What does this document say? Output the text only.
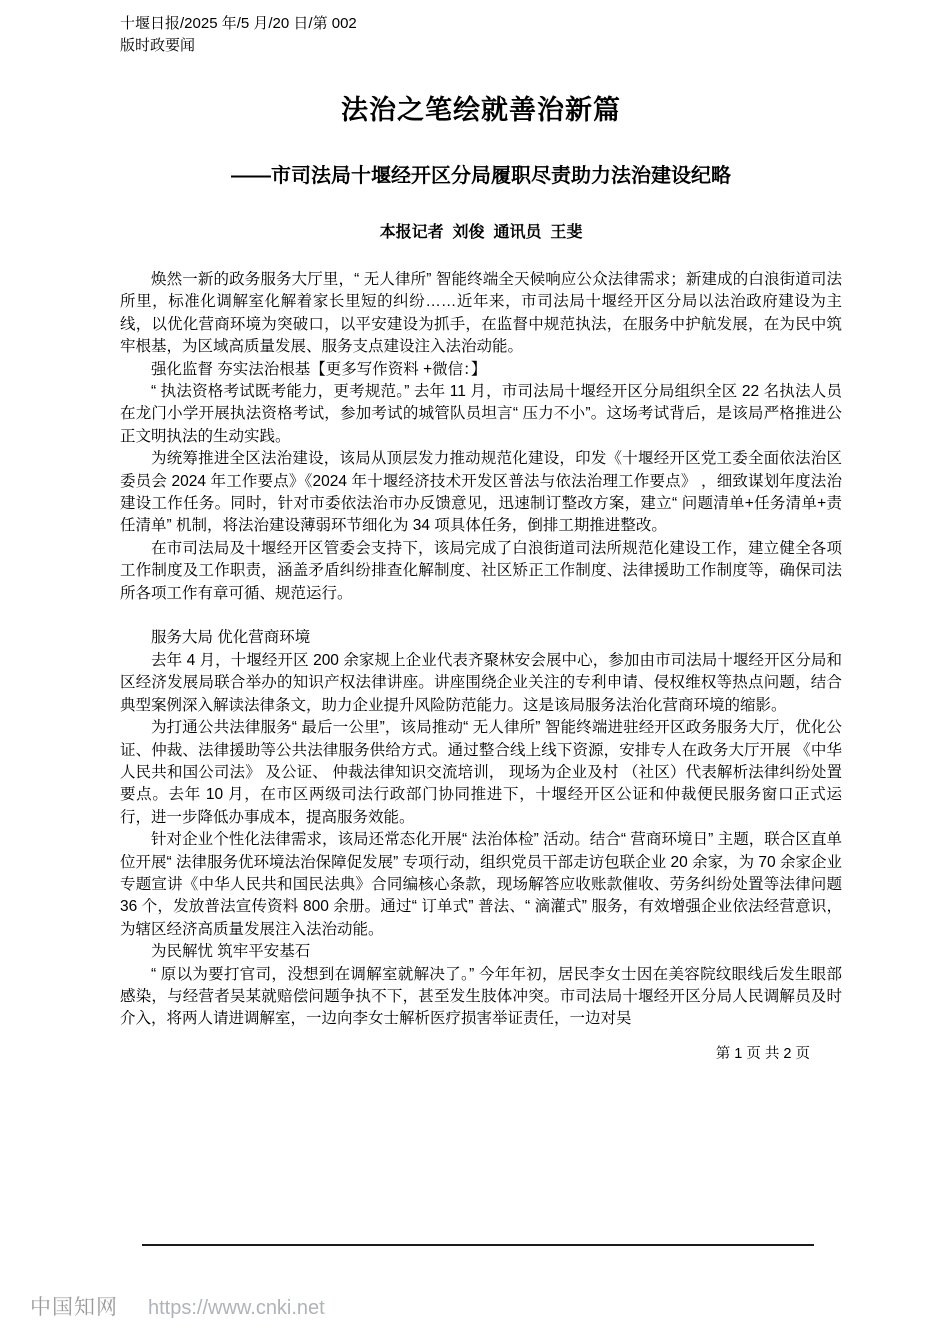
十堰日报/2025 年/5 月/20 日/第 002
版时政要闻
法治之笔绘就善治新篇
——市司法局十堰经开区分局履职尽责助力法治建设纪略
本报记者  刘俊  通讯员  王斐

焕然一新的政务服务大厅里，“ 无人律所” 智能终端全天候响应公众法律需求；新建成的白浪街道司法所里，标准化调解室化解着家长里短的纠纷……近年来，市司法局十堰经开区分局以法治政府建设为主线，以优化营商环境为突破口，以平安建设为抓手，在监督中规范执法，在服务中护航发展，在为民中筑牢根基，为区域高质量发展、服务支点建设注入法治动能。

强化监督 夯实法治根基【更多写作资料 +微信：】

“ 执法资格考试既考能力，更考规范。” 去年 11 月，市司法局十堰经开区分局组织全区 22 名执法人员在龙门小学开展执法资格考试，参加考试的城管队员坦言“ 压力不小”。这场考试背后，是该局严格推进公正文明执法的生动实践。

为统筹推进全区法治建设，该局从顶层发力推动规范化建设，印发《十堰经开区党工委全面依法治区委员会 2024 年工作要点》《2024 年十堰经济技术开发区普法与依法治理工作要点》 ，细致谋划年度法治建设工作任务。同时，针对市委依法治市办反馈意见，迅速制订整改方案，建立“ 问题清单+任务清单+责任清单” 机制，将法治建设薄弱环节细化为 34 项具体任务，倒排工期推进整改。

在市司法局及十堰经开区管委会支持下，该局完成了白浪街道司法所规范化建设工作，建立健全各项工作制度及工作职责，涵盖矛盾纠纷排查化解制度、社区矫正工作制度、法律援助工作制度等，确保司法所各项工作有章可循、规范运行。

服务大局 优化营商环境

去年 4 月，十堰经开区 200 余家规上企业代表齐聚林安会展中心，参加由市司法局十堰经开区分局和区经济发展局联合举办的知识产权法律讲座。讲座围绕企业关注的专利申请、侵权维权等热点问题，结合典型案例深入解读法律条文，助力企业提升风险防范能力。这是该局服务法治化营商环境的缩影。

为打通公共法律服务“ 最后一公里”，该局推动“ 无人律所” 智能终端进驻经开区政务服务大厅，优化公证、仲裁、法律援助等公共法律服务供给方式。通过整合线上线下资源，安排专人在政务大厅开展 《中华人民共和国公司法》 及公证、 仲裁法律知识交流培训， 现场为企业及村 （社区）代表解析法律纠纷处置要点。去年 10 月，在市区两级司法行政部门协同推进下，十堰经开区公证和仲裁便民服务窗口正式运行，进一步降低办事成本，提高服务效能。

针对企业个性化法律需求，该局还常态化开展“ 法治体检” 活动。结合“ 营商环境日” 主题，联合区直单位开展“ 法律服务优环境法治保障促发展” 专项行动，组织党员干部走访包联企业 20 余家，为 70 余家企业专题宣讲《中华人民共和国民法典》合同编核心条款，现场解答应收账款催收、劳务纠纷处置等法律问题 36 个，发放普法宣传资料 800 余册。通过“ 订单式” 普法、“ 滴灌式” 服务，有效增强企业依法经营意识，为辖区经济高质量发展注入法治动能。

为民解忧 筑牢平安基石

“ 原以为要打官司，没想到在调解室就解决了。” 今年年初，居民李女士因在美容院纹眼线后发生眼部感染，与经营者吴某就赔偿问题争执不下，甚至发生肢体冲突。市司法局十堰经开区分局人民调解员及时介入，将两人请进调解室，一边向李女士解析医疗损害举证责任，一边对吴

第 1 页 共 2 页
中国知网 https://www.cnki.net
